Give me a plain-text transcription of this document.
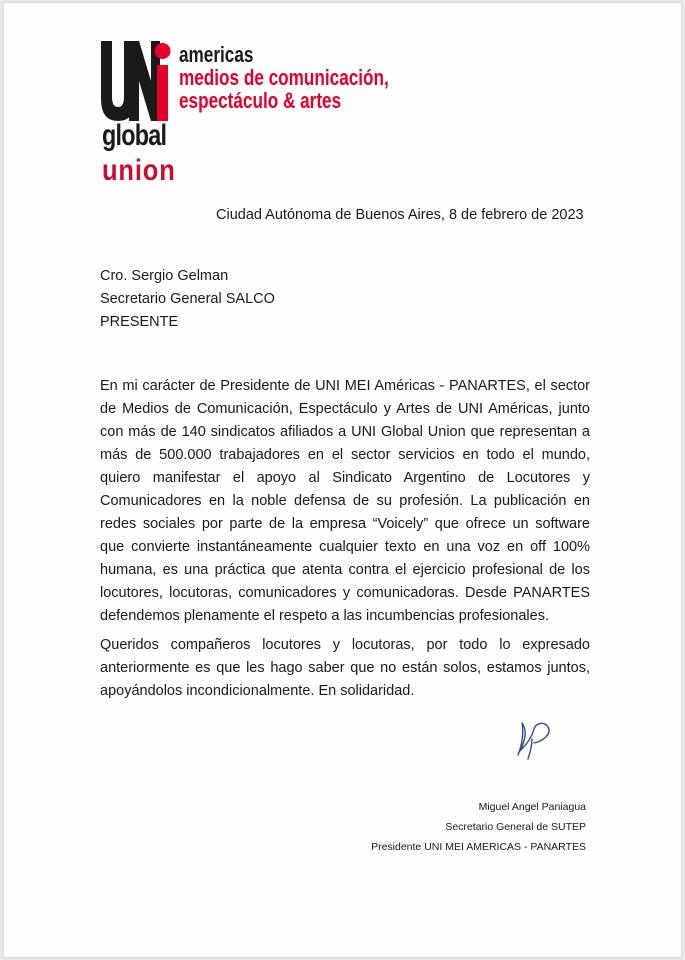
global
union
americas
medios de comunicación,
espectáculo & artes
Ciudad Autónoma de Buenos Aires, 8 de febrero de 2023
Cro. Sergio Gelman
Secretario General SALCO
PRESENTE
En mi carácter de Presidente de UNI MEI Américas - PANARTES, el sector de Medios de Comunicación, Espectáculo y Artes de UNI Américas, junto con más de 140 sindicatos afiliados a UNI Global Union que representan a más de 500.000 trabajadores en el sector servicios en todo el mundo, quiero manifestar el apoyo al Sindicato Argentino de Locutores y Comunicadores en la noble defensa de su profesión. La publicación en redes sociales por parte de la empresa “Voicely” que ofrece un software que convierte instantáneamente cualquier texto en una voz en off 100% humana, es una práctica que atenta contra el ejercicio profesional de los locutores, locutoras, comunicadores y comunicadoras. Desde PANARTES defendemos plenamente el respeto a las incumbencias profesionales.
Queridos compañeros locutores y locutoras, por todo lo expresado anteriormente es que les hago saber que no están solos, estamos juntos, apoyándolos incondicionalmente. En solidaridad.
Miguel Angel Paniagua
Secretario General de SUTEP
Presidente UNI MEI AMERICAS - PANARTES
